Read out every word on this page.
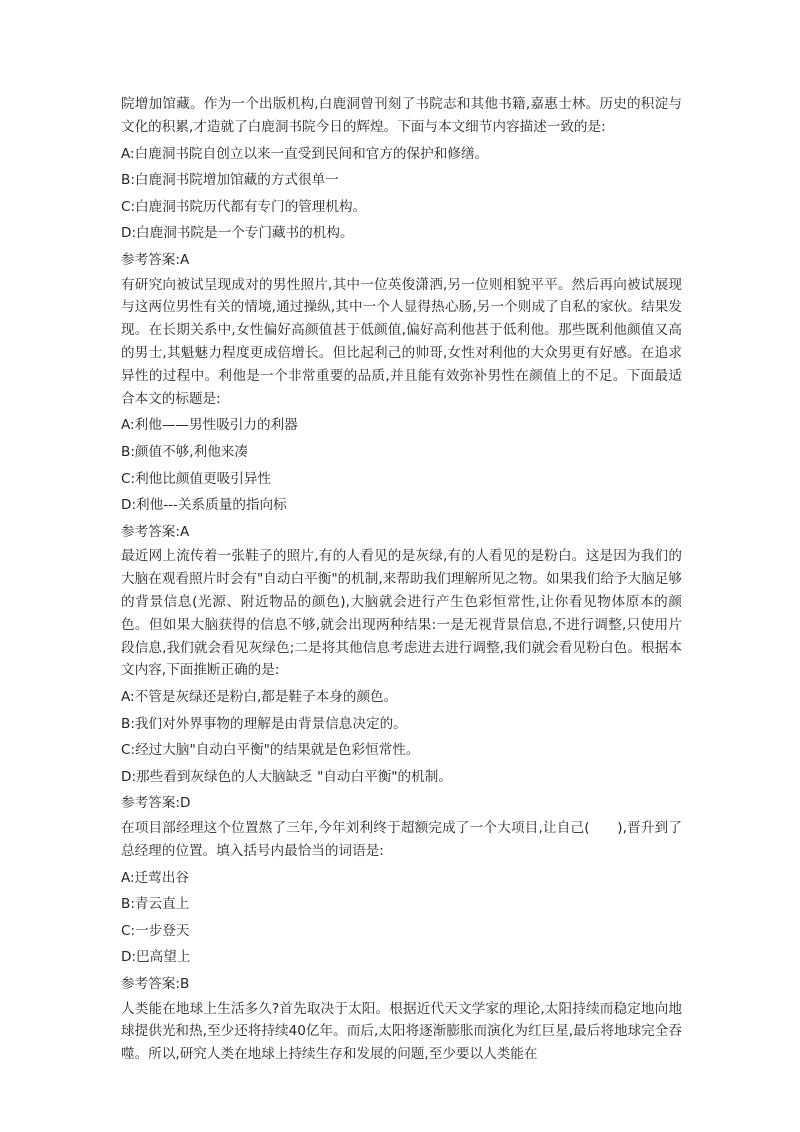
院增加馆藏。作为一个出版机构,白鹿洞曾刊刻了书院志和其他书籍,嘉惠士林。历史的积淀与文化的积累,才造就了白鹿洞书院今日的辉煌。下面与本文细节内容描述一致的是:

A:白鹿洞书院自创立以来一直受到民间和官方的保护和修缮。

B:白鹿洞书院增加馆藏的方式很单一

C:白鹿洞书院历代都有专门的管理机构。

D:白鹿洞书院是一个专门藏书的机构。

参考答案:A

有研究向被试呈现成对的男性照片,其中一位英俊潇洒,另一位则相貌平平。然后再向被试展现与这两位男性有关的情境,通过操纵,其中一个人显得热心肠,另一个则成了自私的家伙。结果发现。在长期关系中,女性偏好高颜值甚于低颜值,偏好高利他甚于低利他。那些既利他颜值又高的男士,其魁魅力程度更成倍增长。但比起利己的帅哥,女性对利他的大众男更有好感。在追求异性的过程中。利他是一个非常重要的品质,并且能有效弥补男性在颜值上的不足。下面最适合本文的标题是:

A:利他——男性吸引力的利器

B:颜值不够,利他来凑

C:利他比颜值更吸引异性

D:利他---关系质量的指向标

参考答案:A

最近网上流传着一张鞋子的照片,有的人看见的是灰绿,有的人看见的是粉白。这是因为我们的大脑在观看照片时会有"自动白平衡"的机制,来帮助我们理解所见之物。如果我们给予大脑足够的背景信息(光源、附近物品的颜色),大脑就会进行产生色彩恒常性,让你看见物体原本的颜色。但如果大脑获得的信息不够,就会出现两种结果:一是无视背景信息,不进行调整,只使用片段信息,我们就会看见灰绿色;二是将其他信息考虑进去进行调整,我们就会看见粉白色。根据本文内容,下面推断正确的是:

A:不管是灰绿还是粉白,都是鞋子本身的颜色。

B:我们对外界事物的理解是由背景信息决定的。

C:经过大脑"自动白平衡"的结果就是色彩恒常性。

D:那些看到灰绿色的人大脑缺乏 "自动白平衡"的机制。

参考答案:D

在项目部经理这个位置熬了三年,今年刘利终于超额完成了一个大项目,让自己(　　),晋升到了总经理的位置。填入括号内最恰当的词语是:

A:迁莺出谷

B:青云直上

C:一步登天

D:巴高望上

参考答案:B

人类能在地球上生活多久?首先取决于太阳。根据近代天文学家的理论,太阳持续而稳定地向地球提供光和热,至少还将持续40亿年。而后,太阳将逐渐膨胀而演化为红巨星,最后将地球完全吞噬。所以,研究人类在地球上持续生存和发展的问题,至少要以人类能在
